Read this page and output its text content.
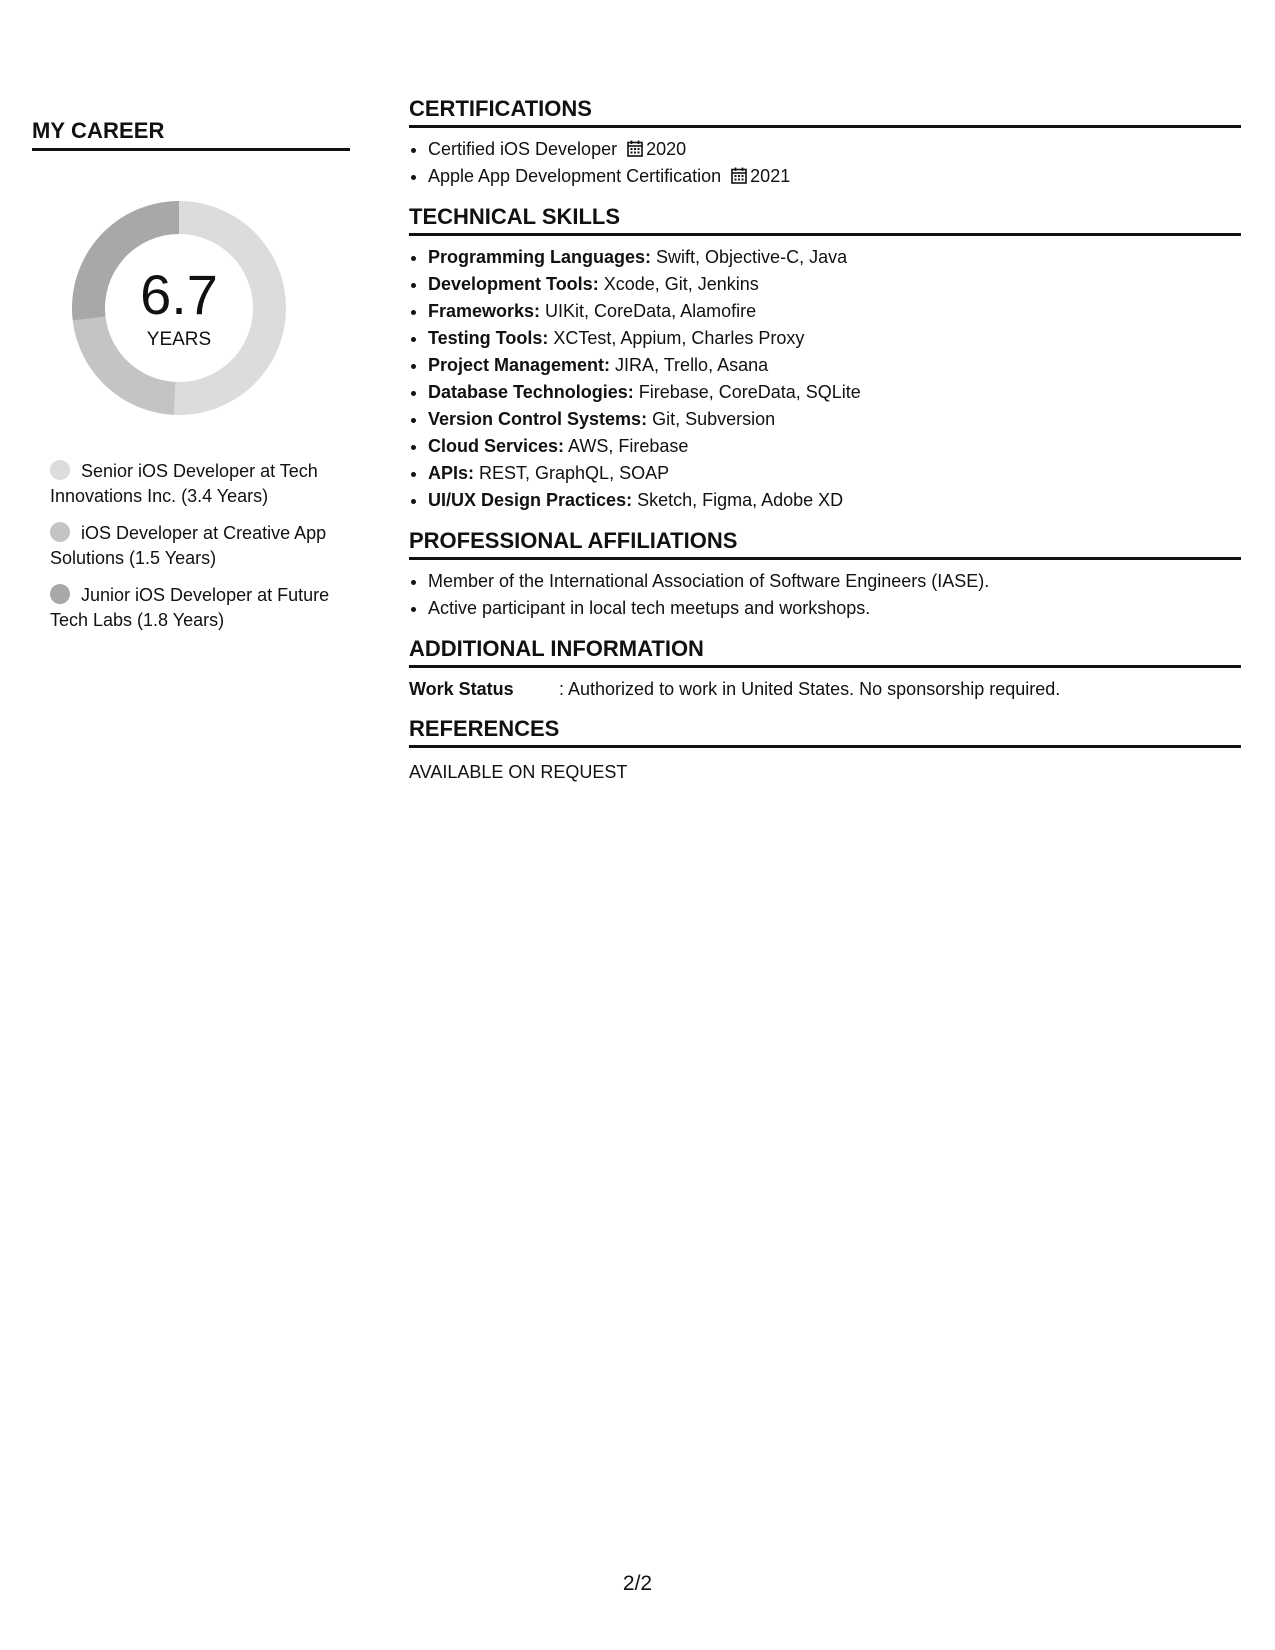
MY CAREER
6.7
YEARS
Senior iOS Developer at Tech Innovations Inc. (3.4 Years)
iOS Developer at Creative App Solutions (1.5 Years)
Junior iOS Developer at Future Tech Labs (1.8 Years)
CERTIFICATIONS
• Certified iOS Developer 2020
• Apple App Development Certification 2021
TECHNICAL SKILLS
• Programming Languages: Swift, Objective-C, Java
• Development Tools: Xcode, Git, Jenkins
• Frameworks: UIKit, CoreData, Alamofire
• Testing Tools: XCTest, Appium, Charles Proxy
• Project Management: JIRA, Trello, Asana
• Database Technologies: Firebase, CoreData, SQLite
• Version Control Systems: Git, Subversion
• Cloud Services: AWS, Firebase
• APIs: REST, GraphQL, SOAP
• UI/UX Design Practices: Sketch, Figma, Adobe XD
PROFESSIONAL AFFILIATIONS
• Member of the International Association of Software Engineers (IASE).
• Active participant in local tech meetups and workshops.
ADDITIONAL INFORMATION
Work Status	: Authorized to work in United States. No sponsorship required.
REFERENCES
AVAILABLE ON REQUEST
2/2
